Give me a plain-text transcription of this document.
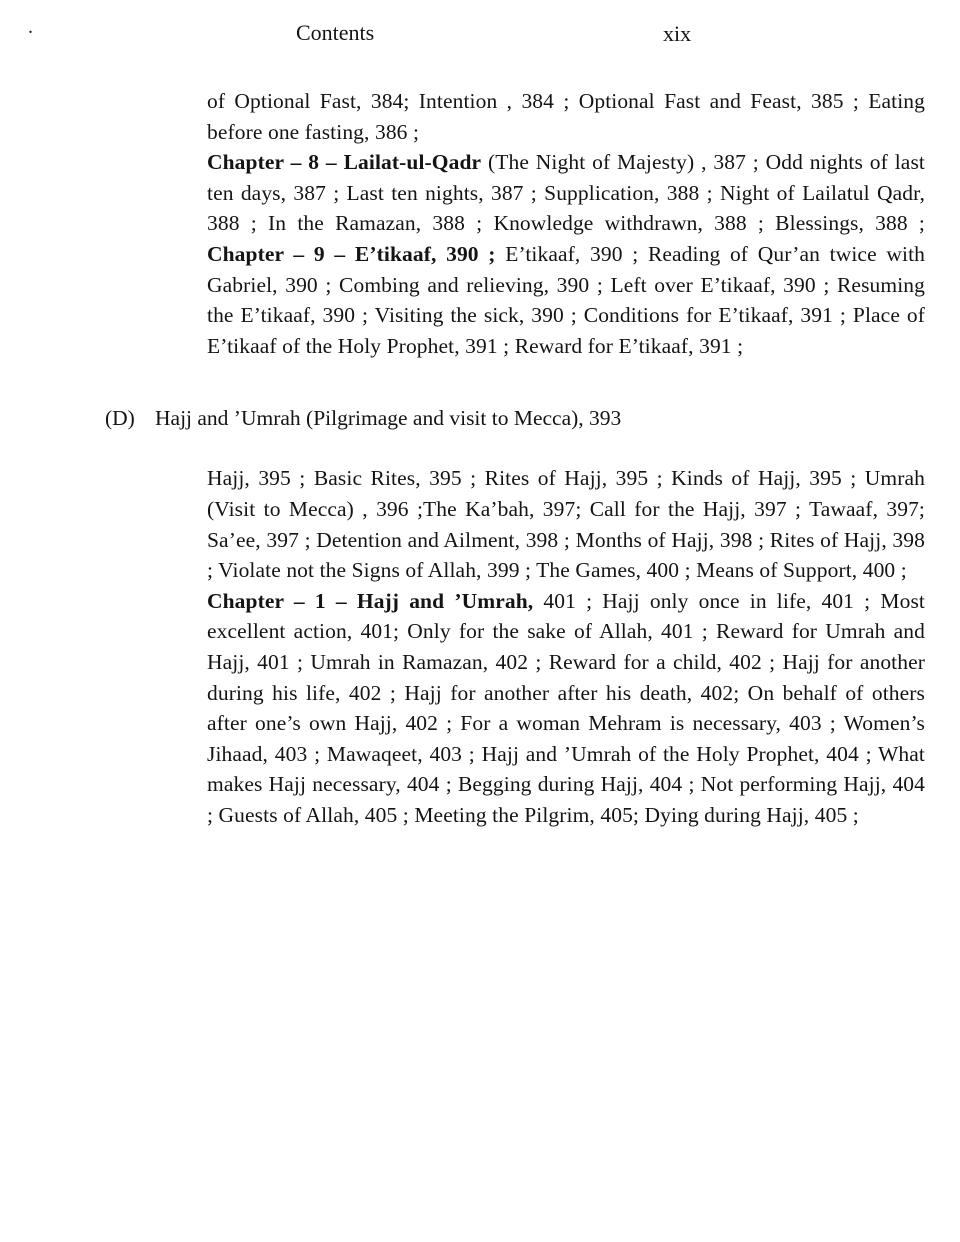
.	Contents	xix

of Optional Fast, 384; Intention , 384 ; Optional Fast and Feast, 385 ; Eating before one fasting, 386 ;
Chapter – 8 – Lailat-ul-Qadr (The Night of Majesty) , 387 ; Odd nights of last ten days, 387 ; Last ten nights, 387 ; Supplication, 388 ; Night of Lailatul Qadr, 388 ; In the Ramazan, 388 ; Knowledge withdrawn, 388 ; Blessings, 388 ; Chapter – 9 – E’tikaaf, 390 ; E’tikaaf, 390 ; Reading of Qur’an twice with Gabriel, 390 ; Combing and relieving, 390 ; Left over E’tikaaf, 390 ; Resuming the E’tikaaf, 390 ; Visiting the sick, 390 ; Conditions for E’tikaaf, 391 ; Place of E’tikaaf of the Holy Prophet, 391 ; Reward for E’tikaaf, 391 ;

(D) Hajj and ’Umrah (Pilgrimage and visit to Mecca), 393

Hajj, 395 ; Basic Rites, 395 ; Rites of Hajj, 395 ; Kinds of Hajj, 395 ; Umrah (Visit to Mecca) , 396 ;The Ka’bah, 397; Call for the Hajj, 397 ; Tawaaf, 397; Sa’ee, 397 ; Detention and Ailment, 398 ; Months of Hajj, 398 ; Rites of Hajj, 398 ; Violate not the Signs of Allah, 399 ; The Games, 400 ; Means of Support, 400 ;
Chapter – 1 – Hajj and ’Umrah, 401 ; Hajj only once in life, 401 ; Most excellent action, 401; Only for the sake of Allah, 401 ; Reward for Umrah and Hajj, 401 ; Umrah in Ramazan, 402 ; Reward for a child, 402 ; Hajj for another during his life, 402 ; Hajj for another after his death, 402; On behalf of others after one’s own Hajj, 402 ; For a woman Mehram is necessary, 403 ; Women’s Jihaad, 403 ; Mawaqeet, 403 ; Hajj and ’Umrah of the Holy Prophet, 404 ; What makes Hajj necessary, 404 ; Begging during Hajj, 404 ; Not performing Hajj, 404 ; Guests of Allah, 405 ; Meeting the Pilgrim, 405; Dying during Hajj, 405 ;
